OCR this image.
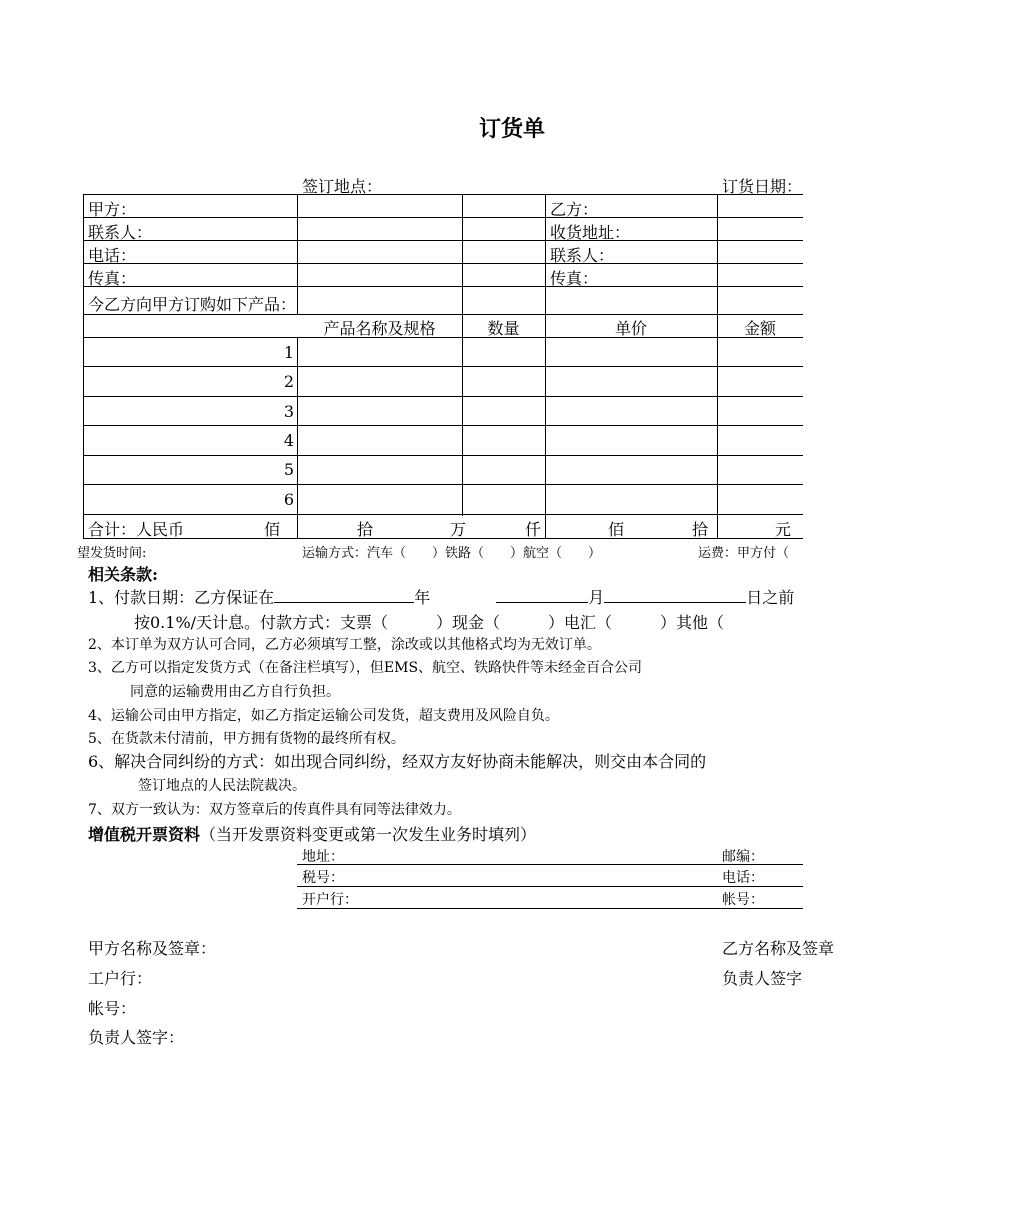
订货单
签订地点：	订货日期：
甲方：	乙方：
联系人：	收货地址：
电话：	联系人：
传真：	传真：
今乙方向甲方订购如下产品：
产品名称及规格	数量	单价	金额
1
2
3
4
5
6
合计：人民币	佰	拾	万	仟	佰	拾	元
望发货时间:	运输方式：汽车（　　）铁路（　　）航空（　　）	运费：甲方付（
相关条款:
1、付款日期：乙方保证在	年	月	日之前
按0.1%/天计息。付款方式：支票（　　　）现金（　　　）电汇（　　　）其他（
2、本订单为双方认可合同，乙方必须填写工整，涂改或以其他格式均为无效订单。
3、乙方可以指定发货方式（在备注栏填写），但EMS、航空、铁路快件等未经金百合公司
同意的运输费用由乙方自行负担。
4、运输公司由甲方指定，如乙方指定运输公司发货，超支费用及风险自负。
5、在货款未付清前，甲方拥有货物的最终所有权。
6、解决合同纠纷的方式：如出现合同纠纷，经双方友好协商未能解决，则交由本合同的
签订地点的人民法院裁决。
7、双方一致认为：双方签章后的传真件具有同等法律效力。
增值税开票资料（当开发票资料变更或第一次发生业务时填列）
地址：	邮编：
税号：	电话：
开户行：	帐号：
甲方名称及签章：	乙方名称及签章
工户行：	负责人签字
帐号：
负责人签字：
